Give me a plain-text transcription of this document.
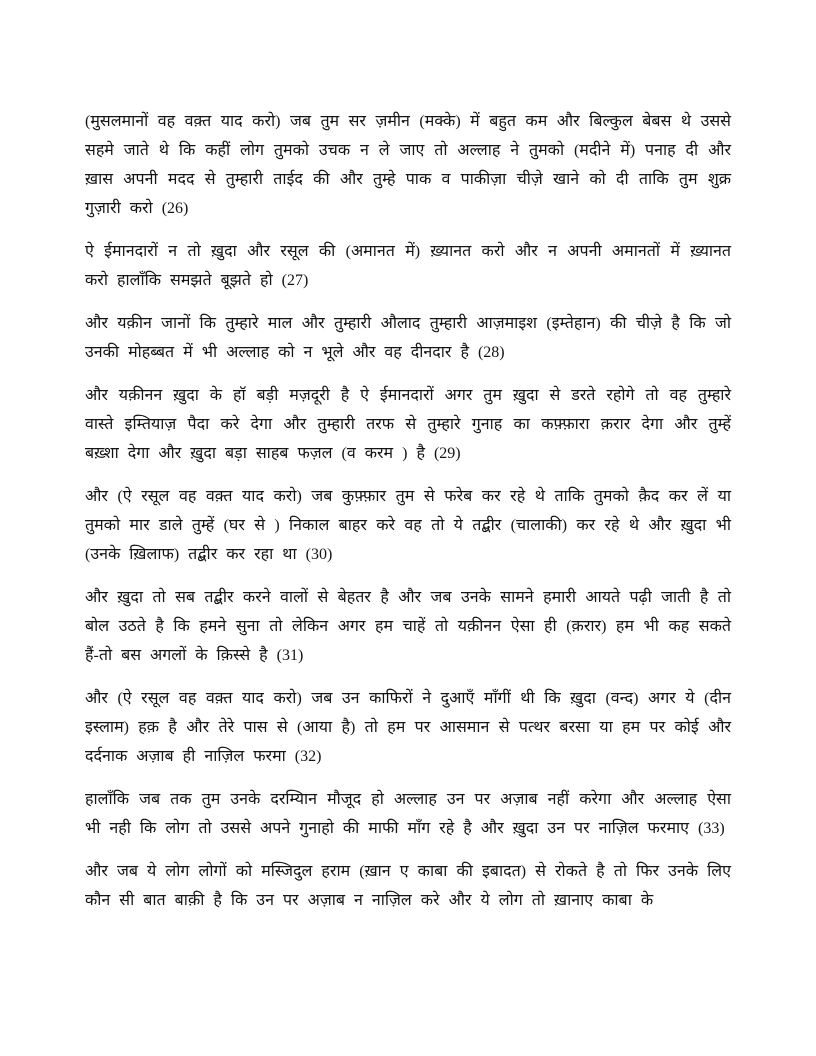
(मुसलमानों वह वक़्त याद करो) जब तुम सर ज़मीन (मक्के) में बहुत कम और बिल्कुल बेबस थे उससे सहमे जाते थे कि कहीं लोग तुमको उचक न ले जाए तो अल्लाह ने तुमको (मदीने में) पनाह दी और ख़ास अपनी मदद से तुम्हारी ताईद की और तुम्हे पाक व पाकीज़ा चीज़े खाने को दी ताकि तुम शुक्र गुज़ारी करो (26)

ऐ ईमानदारों न तो ख़ुदा और रसूल की (अमानत में) ख़्यानत करो और न अपनी अमानतों में ख़्यानत करो हालाँकि समझते बूझते हो (27)

और यक़ीन जानों कि तुम्हारे माल और तुम्हारी औलाद तुम्हारी आज़माइश (इम्तेहान) की चीज़े है कि जो उनकी मोहब्बत में भी अल्लाह को न भूले और वह दीनदार है (28)

और यक़ीनन ख़ुदा के हॉ बड़ी मज़दूरी है ऐ ईमानदारों अगर तुम ख़ुदा से डरते रहोगे तो वह तुम्हारे वास्ते इम्तियाज़ पैदा करे देगा और तुम्हारी तरफ से तुम्हारे गुनाह का कफ़्फ़ारा क़रार देगा और तुम्हें बख़्शा देगा और ख़ुदा बड़ा साहब फज़ल (व करम ) है (29)

और (ऐ रसूल वह वक़्त याद करो) जब कुफ़्फ़ार तुम से फरेब कर रहे थे ताकि तुमको क़ैद कर लें या तुमको मार डाले तुम्हें (घर से ) निकाल बाहर करे वह तो ये तद्बीर (चालाकी) कर रहे थे और ख़ुदा भी (उनके ख़िलाफ) तद्बीर कर रहा था (30)

और ख़ुदा तो सब तद्बीर करने वालों से बेहतर है और जब उनके सामने हमारी आयते पढ़ी जाती है तो बोल उठते है कि हमने सुना तो लेकिन अगर हम चाहें तो यक़ीनन ऐसा ही (क़रार) हम भी कह सकते हैं-तो बस अगलों के क़िस्से है (31)

और (ऐ रसूल वह वक़्त याद करो) जब उन काफिरों ने दुआएँ माँगीं थी कि ख़ुदा (वन्द) अगर ये (दीन इस्लाम) हक़ है और तेरे पास से (आया है) तो हम पर आसमान से पत्थर बरसा या हम पर कोई और दर्दनाक अज़ाब ही नाज़िल फरमा (32)

हालाँकि जब तक तुम उनके दरम्यिान मौजूद हो अल्लाह उन पर अज़ाब नहीं करेगा और अल्लाह ऐसा भी नही कि लोग तो उससे अपने गुनाहो की माफी माँग रहे है और ख़ुदा उन पर नाज़िल फरमाए (33)

और जब ये लोग लोगों को मस्जिदुल हराम (ख़ान ए काबा की इबादत) से रोकते है तो फिर उनके लिए कौन सी बात बाक़ी है कि उन पर अज़ाब न नाज़िल करे और ये लोग तो ख़ानाए काबा के
